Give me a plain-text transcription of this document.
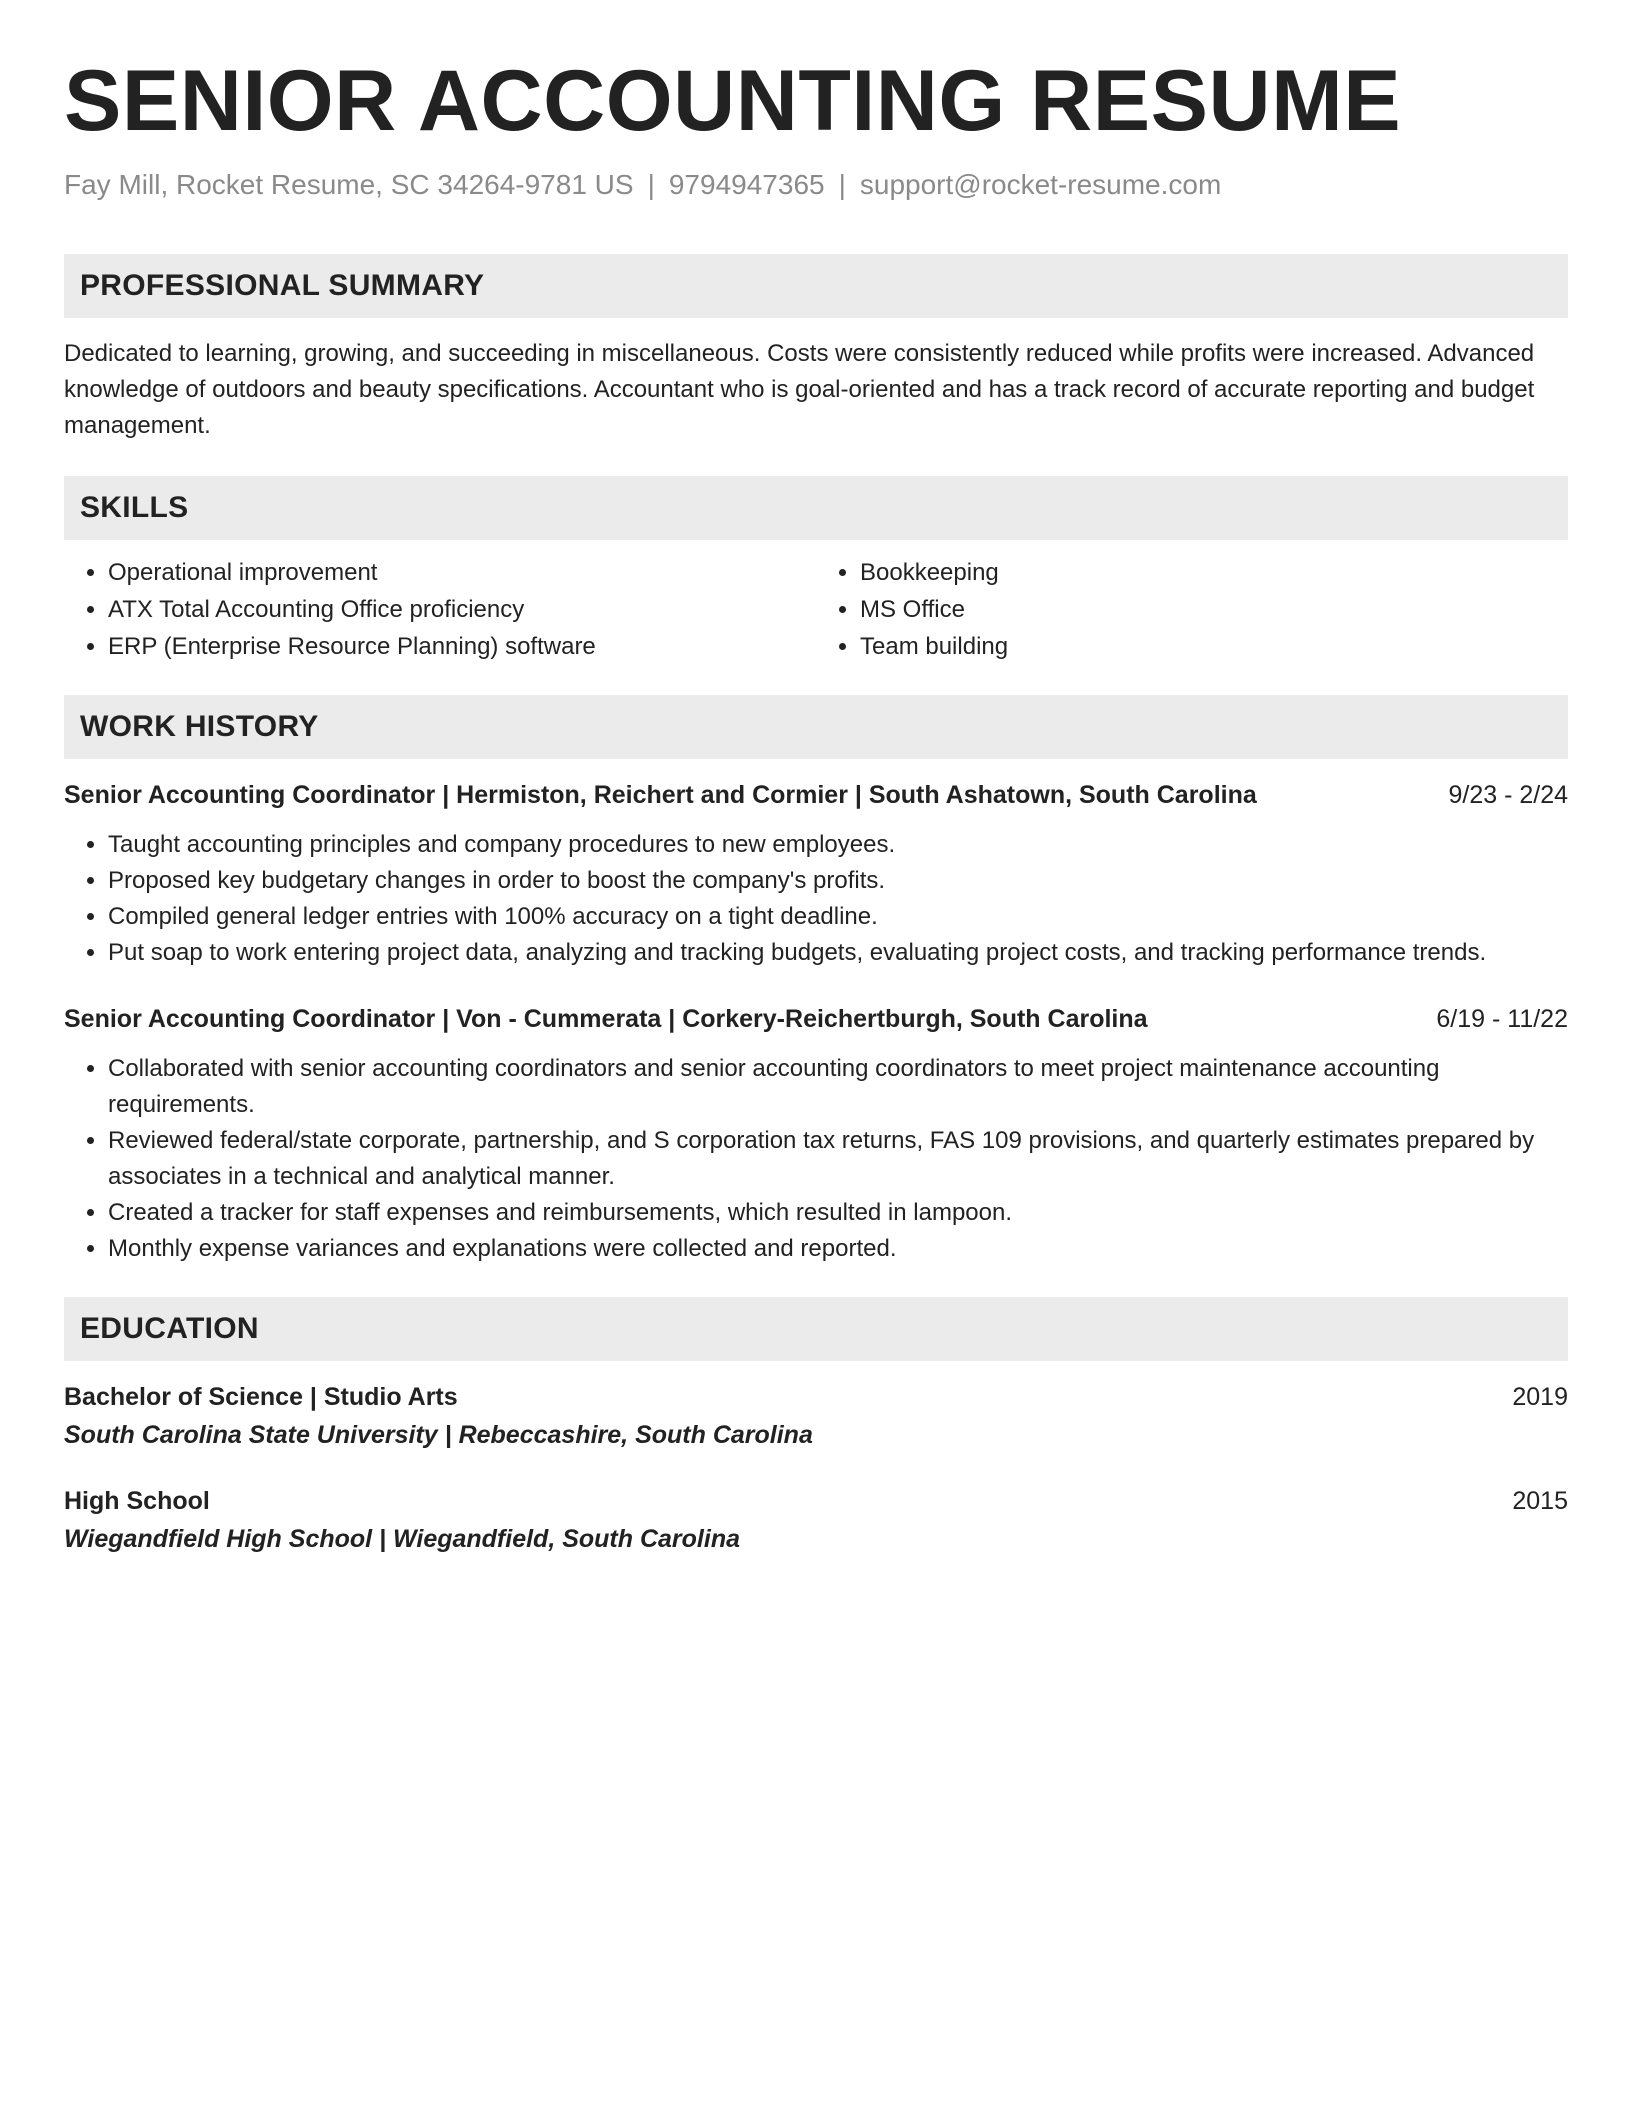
SENIOR ACCOUNTING RESUME
Fay Mill, Rocket Resume, SC 34264-9781 US | 9794947365 | support@rocket-resume.com
PROFESSIONAL SUMMARY
Dedicated to learning, growing, and succeeding in miscellaneous. Costs were consistently reduced while profits were increased. Advanced knowledge of outdoors and beauty specifications. Accountant who is goal-oriented and has a track record of accurate reporting and budget management.
SKILLS
• Operational improvement
• ATX Total Accounting Office proficiency
• ERP (Enterprise Resource Planning) software
• Bookkeeping
• MS Office
• Team building
WORK HISTORY
Senior Accounting Coordinator | Hermiston, Reichert and Cormier | South Ashatown, South Carolina	9/23 - 2/24
• Taught accounting principles and company procedures to new employees.
• Proposed key budgetary changes in order to boost the company's profits.
• Compiled general ledger entries with 100% accuracy on a tight deadline.
• Put soap to work entering project data, analyzing and tracking budgets, evaluating project costs, and tracking performance trends.
Senior Accounting Coordinator | Von - Cummerata | Corkery-Reichertburgh, South Carolina	6/19 - 11/22
• Collaborated with senior accounting coordinators and senior accounting coordinators to meet project maintenance accounting requirements.
• Reviewed federal/state corporate, partnership, and S corporation tax returns, FAS 109 provisions, and quarterly estimates prepared by associates in a technical and analytical manner.
• Created a tracker for staff expenses and reimbursements, which resulted in lampoon.
• Monthly expense variances and explanations were collected and reported.
EDUCATION
Bachelor of Science | Studio Arts	2019
South Carolina State University | Rebeccashire, South Carolina
High School	2015
Wiegandfield High School | Wiegandfield, South Carolina
